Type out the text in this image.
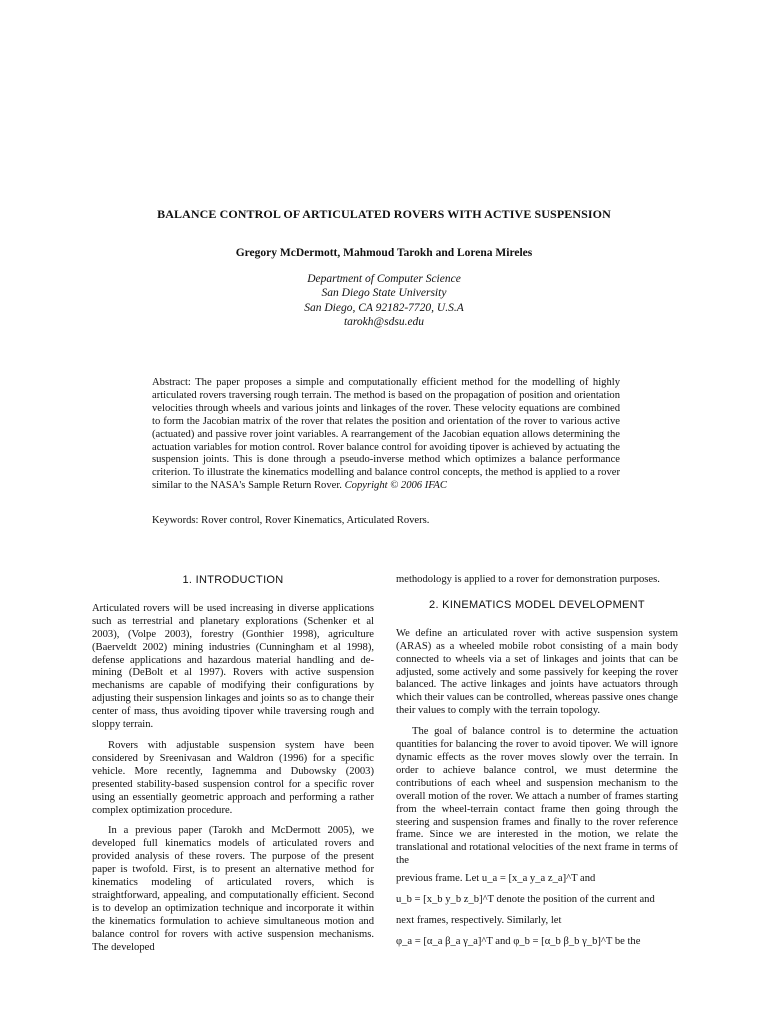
BALANCE CONTROL OF ARTICULATED ROVERS WITH ACTIVE SUSPENSION
Gregory McDermott, Mahmoud Tarokh and Lorena Mireles
Department of Computer Science
San Diego State University
San Diego, CA 92182-7720, U.S.A
tarokh@sdsu.edu

Abstract: The paper proposes a simple and computationally efficient method for the modelling of highly articulated rovers traversing rough terrain. The method is based on the propagation of position and orientation velocities through wheels and various joints and linkages of the rover. These velocity equations are combined to form the Jacobian matrix of the rover that relates the position and orientation of the rover to various active (actuated) and passive rover joint variables. A rearrangement of the Jacobian equation allows determining the actuation variables for motion control. Rover balance control for avoiding tipover is achieved by actuating the suspension joints. This is done through a pseudo-inverse method which optimizes a balance performance criterion. To illustrate the kinematics modelling and balance control concepts, the method is applied to a rover similar to the NASA's Sample Return Rover. Copyright © 2006 IFAC

Keywords: Rover control, Rover Kinematics, Articulated Rovers.

1. INTRODUCTION

Articulated rovers will be used increasing in diverse applications such as terrestrial and planetary explorations (Schenker et al 2003), (Volpe 2003), forestry (Gonthier 1998), agriculture (Baerveldt 2002) mining industries (Cunningham et al 1998), defense applications and hazardous material handling and de-mining (DeBolt et al 1997). Rovers with active suspension mechanisms are capable of modifying their configurations by adjusting their suspension linkages and joints so as to change their center of mass, thus avoiding tipover while traversing rough and sloppy terrain.

Rovers with adjustable suspension system have been considered by Sreenivasan and Waldron (1996) for a specific vehicle. More recently, Iagnemma and Dubowsky (2003) presented stability-based suspension control for a specific rover using an essentially geometric approach and performing a rather complex optimization procedure.

In a previous paper (Tarokh and McDermott 2005), we developed full kinematics models of articulated rovers and provided analysis of these rovers. The purpose of the present paper is twofold. First, is to present an alternative method for kinematics modeling of articulated rovers, which is straightforward, appealing, and computationally efficient. Second is to develop an optimization technique and incorporate it within the kinematics formulation to achieve simultaneous motion and balance control for rovers with active suspension mechanisms. The developed

methodology is applied to a rover for demonstration purposes.

2. KINEMATICS MODEL DEVELOPMENT

We define an articulated rover with active suspension system (ARAS) as a wheeled mobile robot consisting of a main body connected to wheels via a set of linkages and joints that can be adjusted, some actively and some passively for keeping the rover balanced. The active linkages and joints have actuators through which their values can be controlled, whereas passive ones change their values to comply with the terrain topology.

The goal of balance control is to determine the actuation quantities for balancing the rover to avoid tipover. We will ignore dynamic effects as the rover moves slowly over the terrain. In order to achieve balance control, we must determine the contributions of each wheel and suspension mechanism to the overall motion of the rover. We attach a number of frames starting from the wheel-terrain contact frame then going through the steering and suspension frames and finally to the rover reference frame. Since we are interested in the motion, we relate the translational and rotational velocities of the next frame in terms of the

previous frame. Let u_a = [x_a y_a z_a]^T and

u_b = [x_b y_b z_b]^T denote the position of the current and

next frames, respectively. Similarly, let

φ_a = [α_a β_a γ_a]^T and φ_b = [α_b β_b γ_b]^T be the
